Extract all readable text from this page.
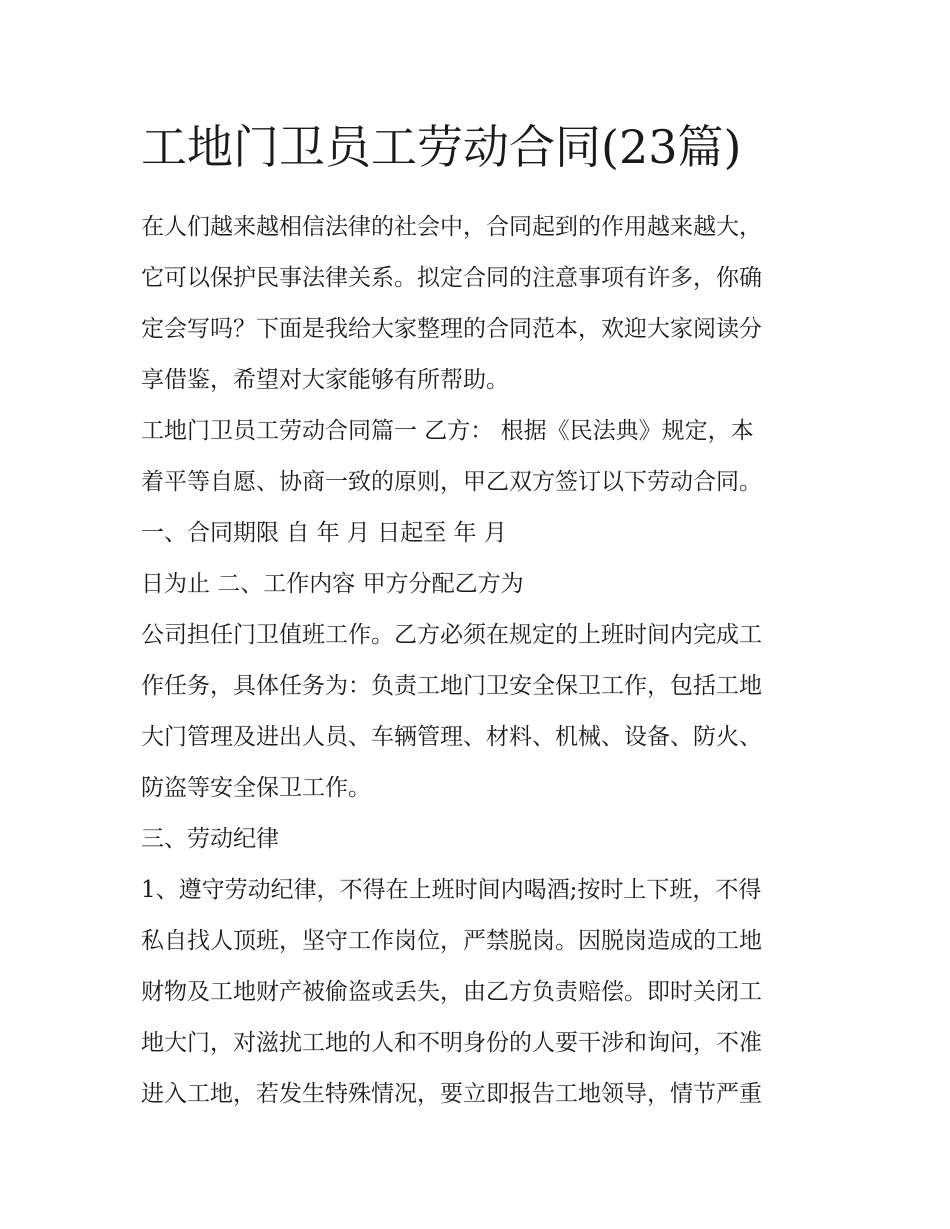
工地门卫员工劳动合同(23篇)

在人们越来越相信法律的社会中，合同起到的作用越来越大，

它可以保护民事法律关系。拟定合同的注意事项有许多，你确

定会写吗？下面是我给大家整理的合同范本，欢迎大家阅读分

享借鉴，希望对大家能够有所帮助。

工地门卫员工劳动合同篇一 乙方： 根据《民法典》规定，本

着平等自愿、协商一致的原则，甲乙双方签订以下劳动合同。

一、合同期限 自 年 月 日起至 年 月

日为止 二、工作内容 甲方分配乙方为

公司担任门卫值班工作。乙方必须在规定的上班时间内完成工

作任务，具体任务为：负责工地门卫安全保卫工作，包括工地

大门管理及进出人员、车辆管理、材料、机械、设备、防火、

防盗等安全保卫工作。

三、劳动纪律

1、遵守劳动纪律，不得在上班时间内喝酒;按时上下班，不得

私自找人顶班，坚守工作岗位，严禁脱岗。因脱岗造成的工地

财物及工地财产被偷盗或丢失，由乙方负责赔偿。即时关闭工

地大门，对滋扰工地的人和不明身份的人要干涉和询问，不准

进入工地，若发生特殊情况，要立即报告工地领导，情节严重
